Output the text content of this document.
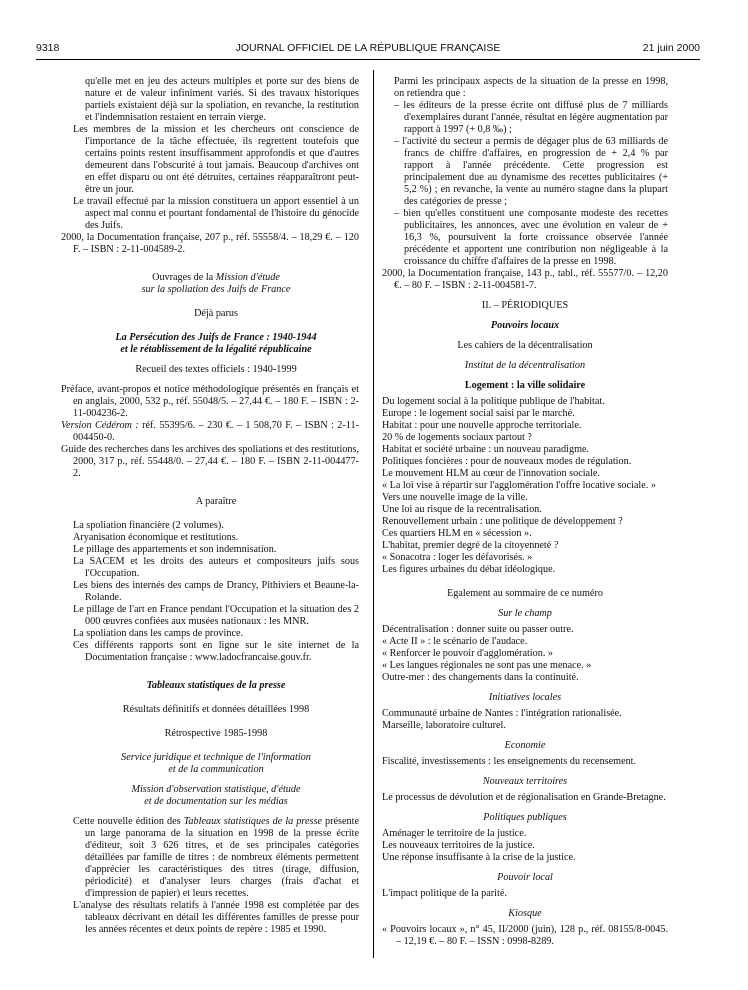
9318	JOURNAL OFFICIEL DE LA RÉPUBLIQUE FRANÇAISE	21 juin 2000

qu'elle met en jeu des acteurs multiples et porte sur des biens de nature et de valeur infiniment variés. Si des travaux historiques partiels existaient déjà sur la spoliation, en revanche, la restitution et l'indemnisation restaient en terrain vierge.

Les membres de la mission et les chercheurs ont conscience de l'importance de la tâche effectuée, ils regrettent toutefois que certains points restent insuffisamment approfondis et que d'autres demeurent dans l'obscurité à tout jamais. Beaucoup d'archives ont en effet disparu ou ont été détruites, certaines réapparaîtront peut-être un jour.

Le travail effectué par la mission constituera un apport essentiel à un aspect mal connu et pourtant fondamental de l'histoire du génocide des Juifs.

2000, la Documentation française, 207 p., réf. 55558/4. – 18,29 €. – 120 F. – ISBN : 2-11-004589-2.

Ouvrages de la Mission d'étude

sur la spoliation des Juifs de France

Déjà parus

La Persécution des Juifs de France : 1940-1944

et le rétablissement de la légalité républicaine

Recueil des textes officiels : 1940-1999

Préface, avant-propos et notice méthodologique présentés en français et en anglais, 2000, 532 p., réf. 55048/5. – 27,44 €. – 180 F. – ISBN : 2-11-004236-2.

Version Cédérom : réf. 55395/6. – 230 €. – 1 508,70 F. – ISBN : 2-11-004450-0.

Guide des recherches dans les archives des spoliations et des restitutions, 2000, 317 p., réf. 55448/0. – 27,44 €. – 180 F. – ISBN 2-11-004477-2.

A paraître

La spoliation financière (2 volumes).

Aryanisation économique et restitutions.

Le pillage des appartements et son indemnisation.

La SACEM et les droits des auteurs et compositeurs juifs sous l'Occupation.

Les biens des internés des camps de Drancy, Pithiviers et Beaune-la-Rolande.

Le pillage de l'art en France pendant l'Occupation et la situation des 2 000 œuvres confiées aux musées nationaux : les MNR.

La spoliation dans les camps de province.

Ces différents rapports sont en ligne sur le site internet de la Documentation française : www.ladocfrancaise.gouv.fr.

Tableaux statistiques de la presse

Résultats définitifs et données détaillées 1998

Rétrospective 1985-1998

Service juridique et technique de l'information

et de la communication

Mission d'observation statistique, d'étude

et de documentation sur les médias

Cette nouvelle édition des Tableaux statistiques de la presse présente un large panorama de la situation en 1998 de la presse écrite d'éditeur, soit 3 626 titres, et de ses principales catégories détaillées par famille de titres : de nombreux éléments permettent d'apprécier les caractéristiques des titres (tirage, diffusion, périodicité) et d'analyser leurs charges (frais d'achat et d'impression de papier) et leurs recettes.

L'analyse des résultats relatifs à l'année 1998 est complétée par des tableaux décrivant en détail les différentes familles de presse pour les années récentes et deux points de repère : 1985 et 1990.

Parmi les principaux aspects de la situation de la presse en 1998, on retiendra que :

– les éditeurs de la presse écrite ont diffusé plus de 7 milliards d'exemplaires durant l'année, résultat en légère augmentation par rapport à 1997 (+ 0,8 ‰) ;

– l'activité du secteur a permis de dégager plus de 63 milliards de francs de chiffre d'affaires, en progression de + 2,4 % par rapport à l'année précédente. Cette progression est principalement due au dynamisme des recettes publicitaires (+ 5,2 %) ; en revanche, la vente au numéro stagne dans la plupart des catégories de presse ;

– bien qu'elles constituent une composante modeste des recettes publicitaires, les annonces, avec une évolution en valeur de + 16,3 %, poursuivent la forte croissance observée l'année précédente et apportent une contribution non négligeable à la croissance du chiffre d'affaires de la presse en 1998.

2000, la Documentation française, 143 p., tabl., réf. 55577/0. – 12,20 €. – 80 F. – ISBN : 2-11-004581-7.

II. – PÉRIODIQUES

Pouvoirs locaux

Les cahiers de la décentralisation

Institut de la décentralisation

Logement : la ville solidaire

Du logement social à la politique publique de l'habitat.

Europe : le logement social saisi par le marché.

Habitat : pour une nouvelle approche territoriale.

20 % de logements sociaux partout ?

Habitat et société urbaine : un nouveau paradigme.

Politiques foncières : pour de nouveaux modes de régulation.

Le mouvement HLM au cœur de l'innovation sociale.

« La loi vise à répartir sur l'agglomération l'offre locative sociale. »

Vers une nouvelle image de la ville.

Une loi au risque de la recentralisation.

Renouvellement urbain : une politique de développement ?

Ces quartiers HLM en « sécession ».

L'habitat, premier degré de la citoyenneté ?

« Sonacotra : loger les défavorisés. »

Les figures urbaines du débat idéologique.

Egalement au sommaire de ce numéro

Sur le champ

Décentralisation : donner suite ou passer outre.

« Acte II » : le scénario de l'audace.

« Renforcer le pouvoir d'agglomération. »

« Les langues régionales ne sont pas une menace. »

Outre-mer : des changements dans la continuité.

Initiatives locales

Communauté urbaine de Nantes : l'intégration rationalisée.

Marseille, laboratoire culturel.

Economie

Fiscalité, investissements : les enseignements du recensement.

Nouveaux territoires

Le processus de dévolution et de régionalisation en Grande-Bretagne.

Politiques publiques

Aménager le territoire de la justice.

Les nouveaux territoires de la justice.

Une réponse insuffisante à la crise de la justice.

Pouvoir local

L'impact politique de la parité.

Kiosque

« Pouvoirs locaux », n° 45, II/2000 (juin), 128 p., réf. 08155/8-0045. – 12,19 €. – 80 F. – ISSN : 0998-8289.
